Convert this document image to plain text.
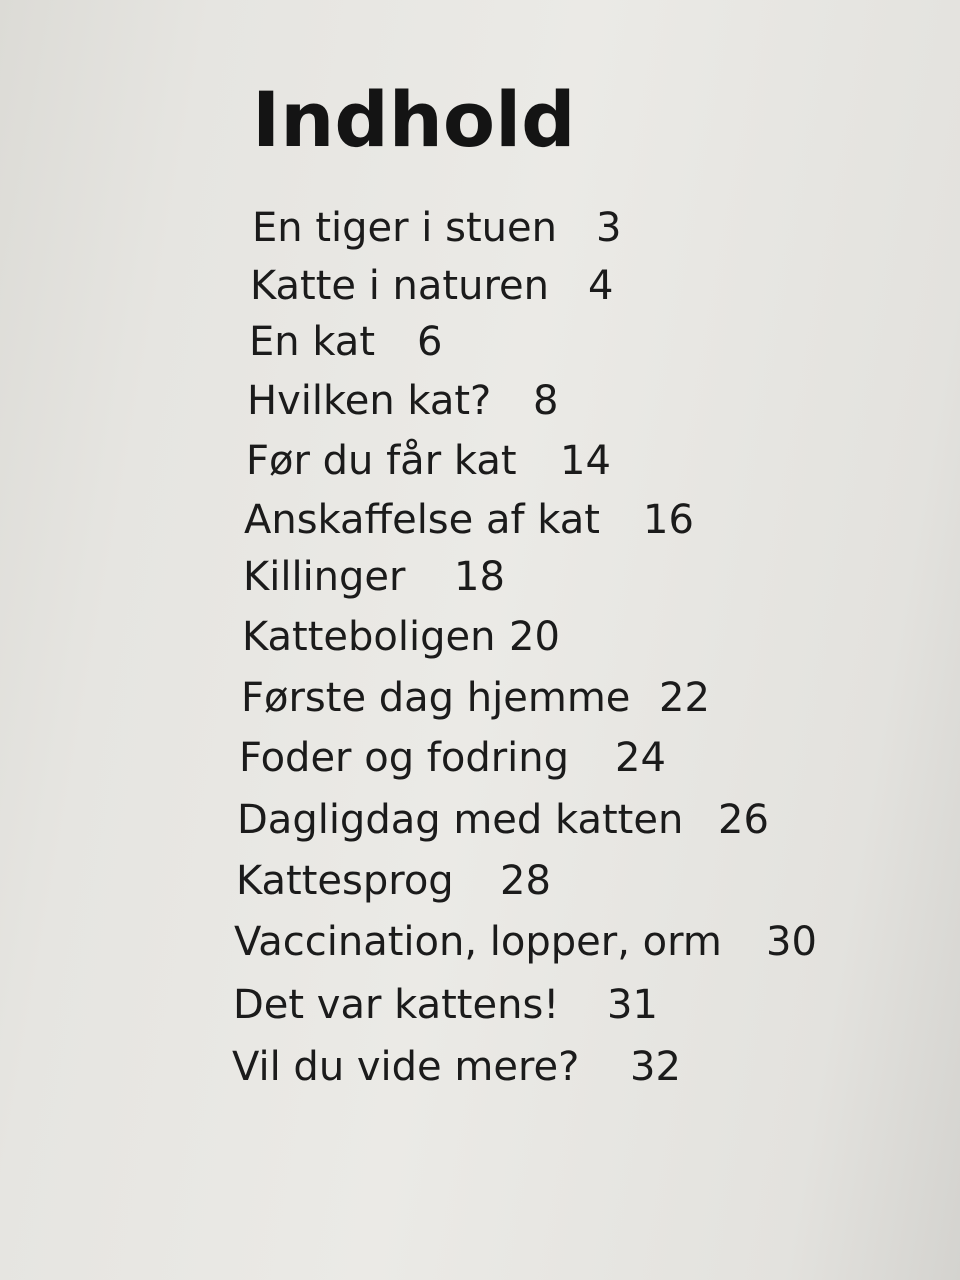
Indhold
En tiger i stuen 3
Katte i naturen 4
En kat 6
Hvilken kat? 8
Før du får kat 14
Anskaffelse af kat 16
Killinger 18
Katteboligen 20
Første dag hjemme 22
Foder og fodring 24
Dagligdag med katten 26
Kattesprog 28
Vaccination, lopper, orm 30
Det var kattens! 31
Vil du vide mere? 32
